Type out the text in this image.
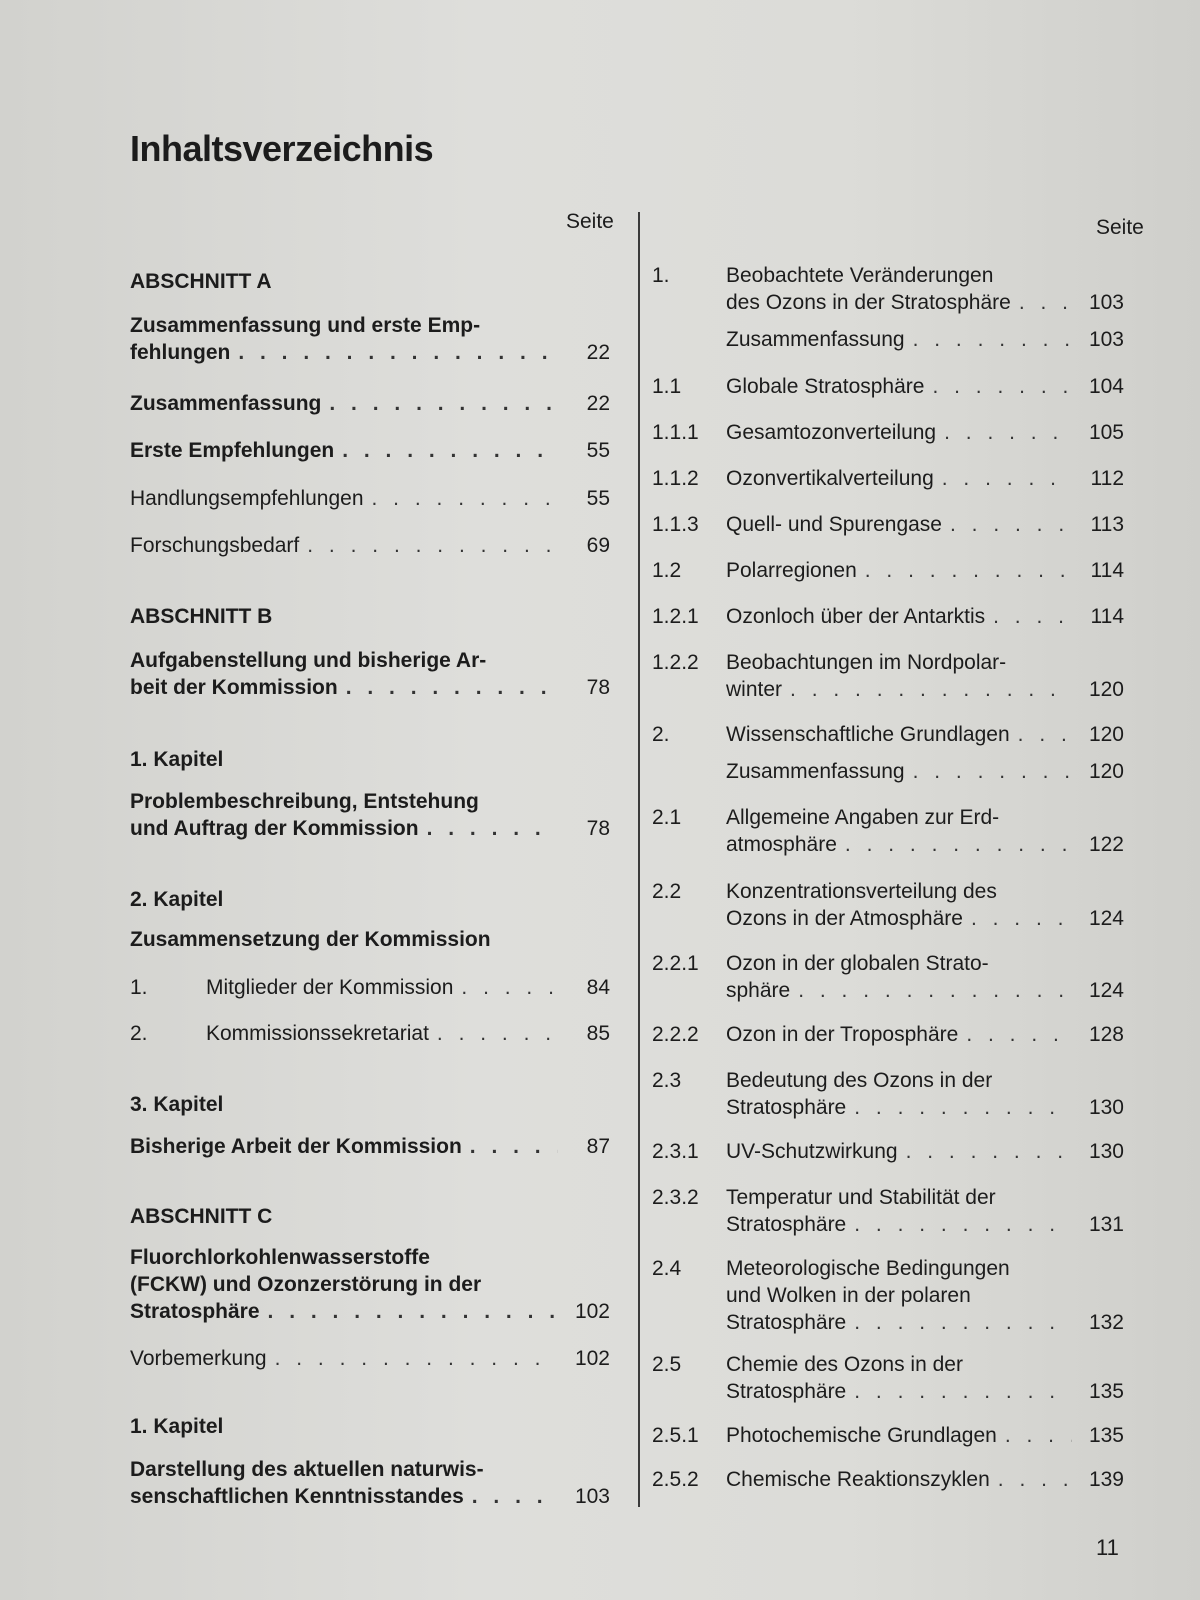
Inhaltsverzeichnis
Seite	Seite
ABSCHNITT A
Zusammenfassung und erste Emp-
fehlungen . . .	22
Zusammenfassung . . .	22
Erste Empfehlungen . . .	55
Handlungsempfehlungen . . .	55
Forschungsbedarf . . .	69
ABSCHNITT B
Aufgabenstellung und bisherige Ar-
beit der Kommission . . .	78
1. Kapitel
Problembeschreibung, Entstehung
und Auftrag der Kommission . . .	78
2. Kapitel
Zusammensetzung der Kommission
1.	Mitglieder der Kommission . . .	84
2.	Kommissionssekretariat . . .	85
3. Kapitel
Bisherige Arbeit der Kommission . . .	87
ABSCHNITT C
Fluorchlorkohlenwasserstoffe
(FCKW) und Ozonzerstörung in der
Stratosphäre . . .	102
Vorbemerkung . . .	102
1. Kapitel
Darstellung des aktuellen naturwis-
senschaftlichen Kenntnisstandes . . .	103
1.	Beobachtete Veränderungen
des Ozons in der Stratosphäre . . .	103
Zusammenfassung . . .	103
1.1	Globale Stratosphäre . . .	104
1.1.1	Gesamtozonverteilung . . .	105
1.1.2	Ozonvertikalverteilung . . .	112
1.1.3	Quell- und Spurengase . . .	113
1.2	Polarregionen . . .	114
1.2.1	Ozonloch über der Antarktis . . .	114
1.2.2	Beobachtungen im Nordpolar-
winter . . .	120
2.	Wissenschaftliche Grundlagen . . .	120
Zusammenfassung . . .	120
2.1	Allgemeine Angaben zur Erd-
atmosphäre . . .	122
2.2	Konzentrationsverteilung des
Ozons in der Atmosphäre . . .	124
2.2.1	Ozon in der globalen Strato-
sphäre . . .	124
2.2.2	Ozon in der Troposphäre . . .	128
2.3	Bedeutung des Ozons in der
Stratosphäre . . .	130
2.3.1	UV-Schutzwirkung . . .	130
2.3.2	Temperatur und Stabilität der
Stratosphäre . . .	131
2.4	Meteorologische Bedingungen
und Wolken in der polaren
Stratosphäre . . .	132
2.5	Chemie des Ozons in der
Stratosphäre . . .	135
2.5.1	Photochemische Grundlagen . . .	135
2.5.2	Chemische Reaktionszyklen . . .	139
11
